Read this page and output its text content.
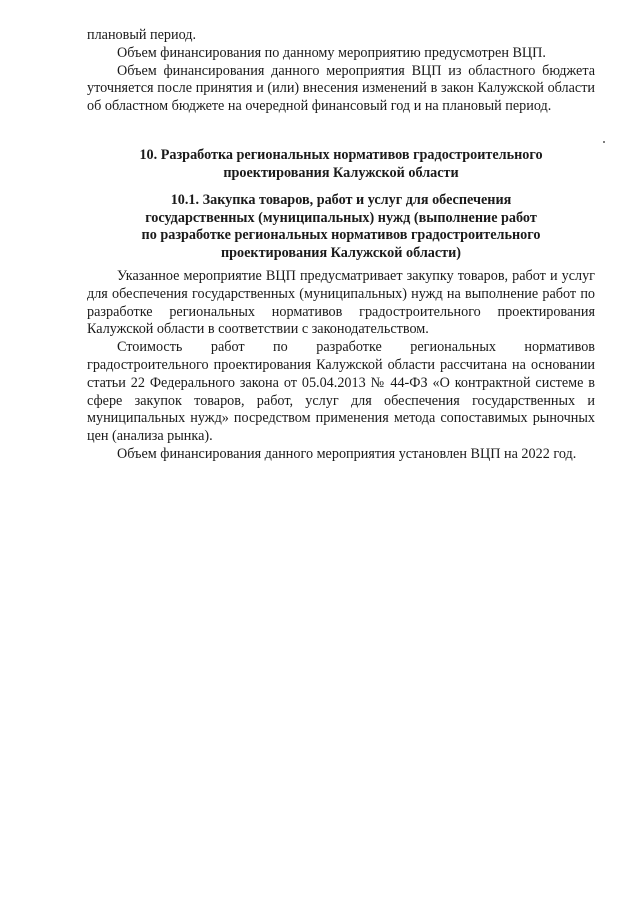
плановый период.

Объем финансирования по данному мероприятию предусмотрен ВЦП.

Объем финансирования данного мероприятия ВЦП из областного бюджета уточняется после принятия и (или) внесения изменений в закон Калужской области об областном бюджете на очередной финансовый год и на плановый период.

10. Разработка региональных нормативов градостроительного
проектирования Калужской области
10.1. Закупка товаров, работ и услуг для обеспечения
государственных (муниципальных) нужд (выполнение работ
по разработке региональных нормативов градостроительного
проектирования Калужской области)

Указанное мероприятие ВЦП предусматривает закупку товаров, работ и услуг для обеспечения государственных (муниципальных) нужд на выполнение работ по разработке региональных нормативов градостроительного проектирования Калужской области в соответствии с законодательством.

Стоимость работ по разработке региональных нормативов градостроительного проектирования Калужской области рассчитана на основании статьи 22 Федерального закона от 05.04.2013 № 44-ФЗ «О контрактной системе в сфере закупок товаров, работ, услуг для обеспечения государственных и муниципальных нужд» посредством применения метода сопоставимых рыночных цен (анализа рынка).

Объем финансирования данного мероприятия установлен ВЦП на 2022 год.
